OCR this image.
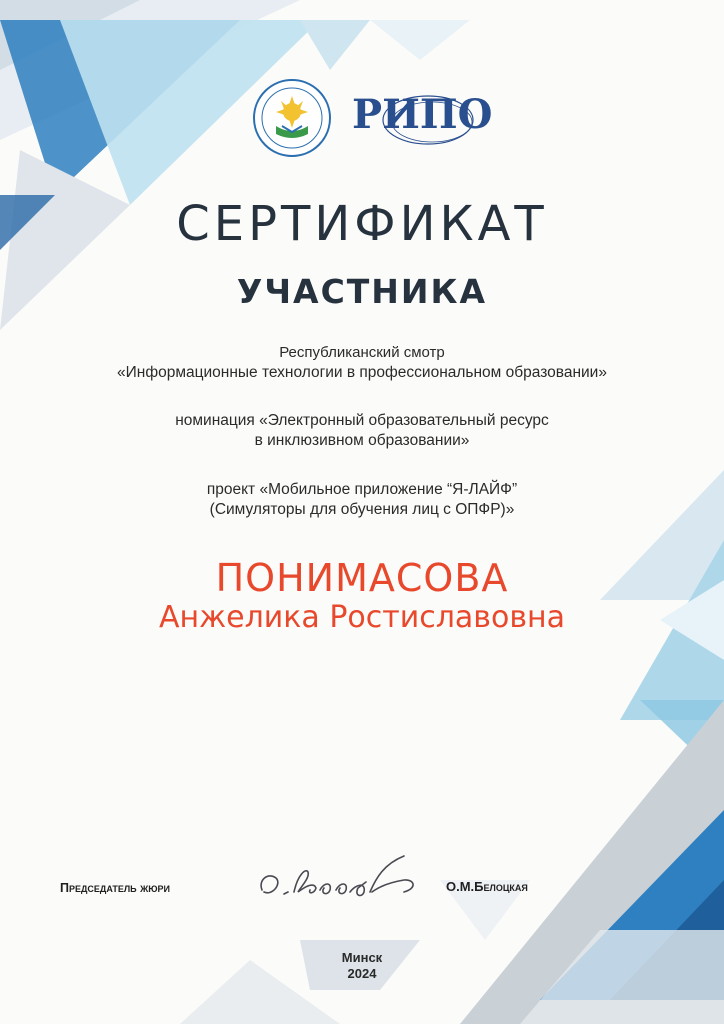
РИПО
СЕРТИФИКАТ
УЧАСТНИКА
Республиканский смотр
«Информационные технологии в профессиональном образовании»
номинация «Электронный образовательный ресурс
в инклюзивном образовании»
проект «Мобильное приложение “Я-ЛАЙФ”
(Симуляторы для обучения лиц с ОПФР)»
ПОНИМАСОВА
Анжелика Ростиславовна
Председатель жюри	О.М.Белоцкая
Минск
2024
